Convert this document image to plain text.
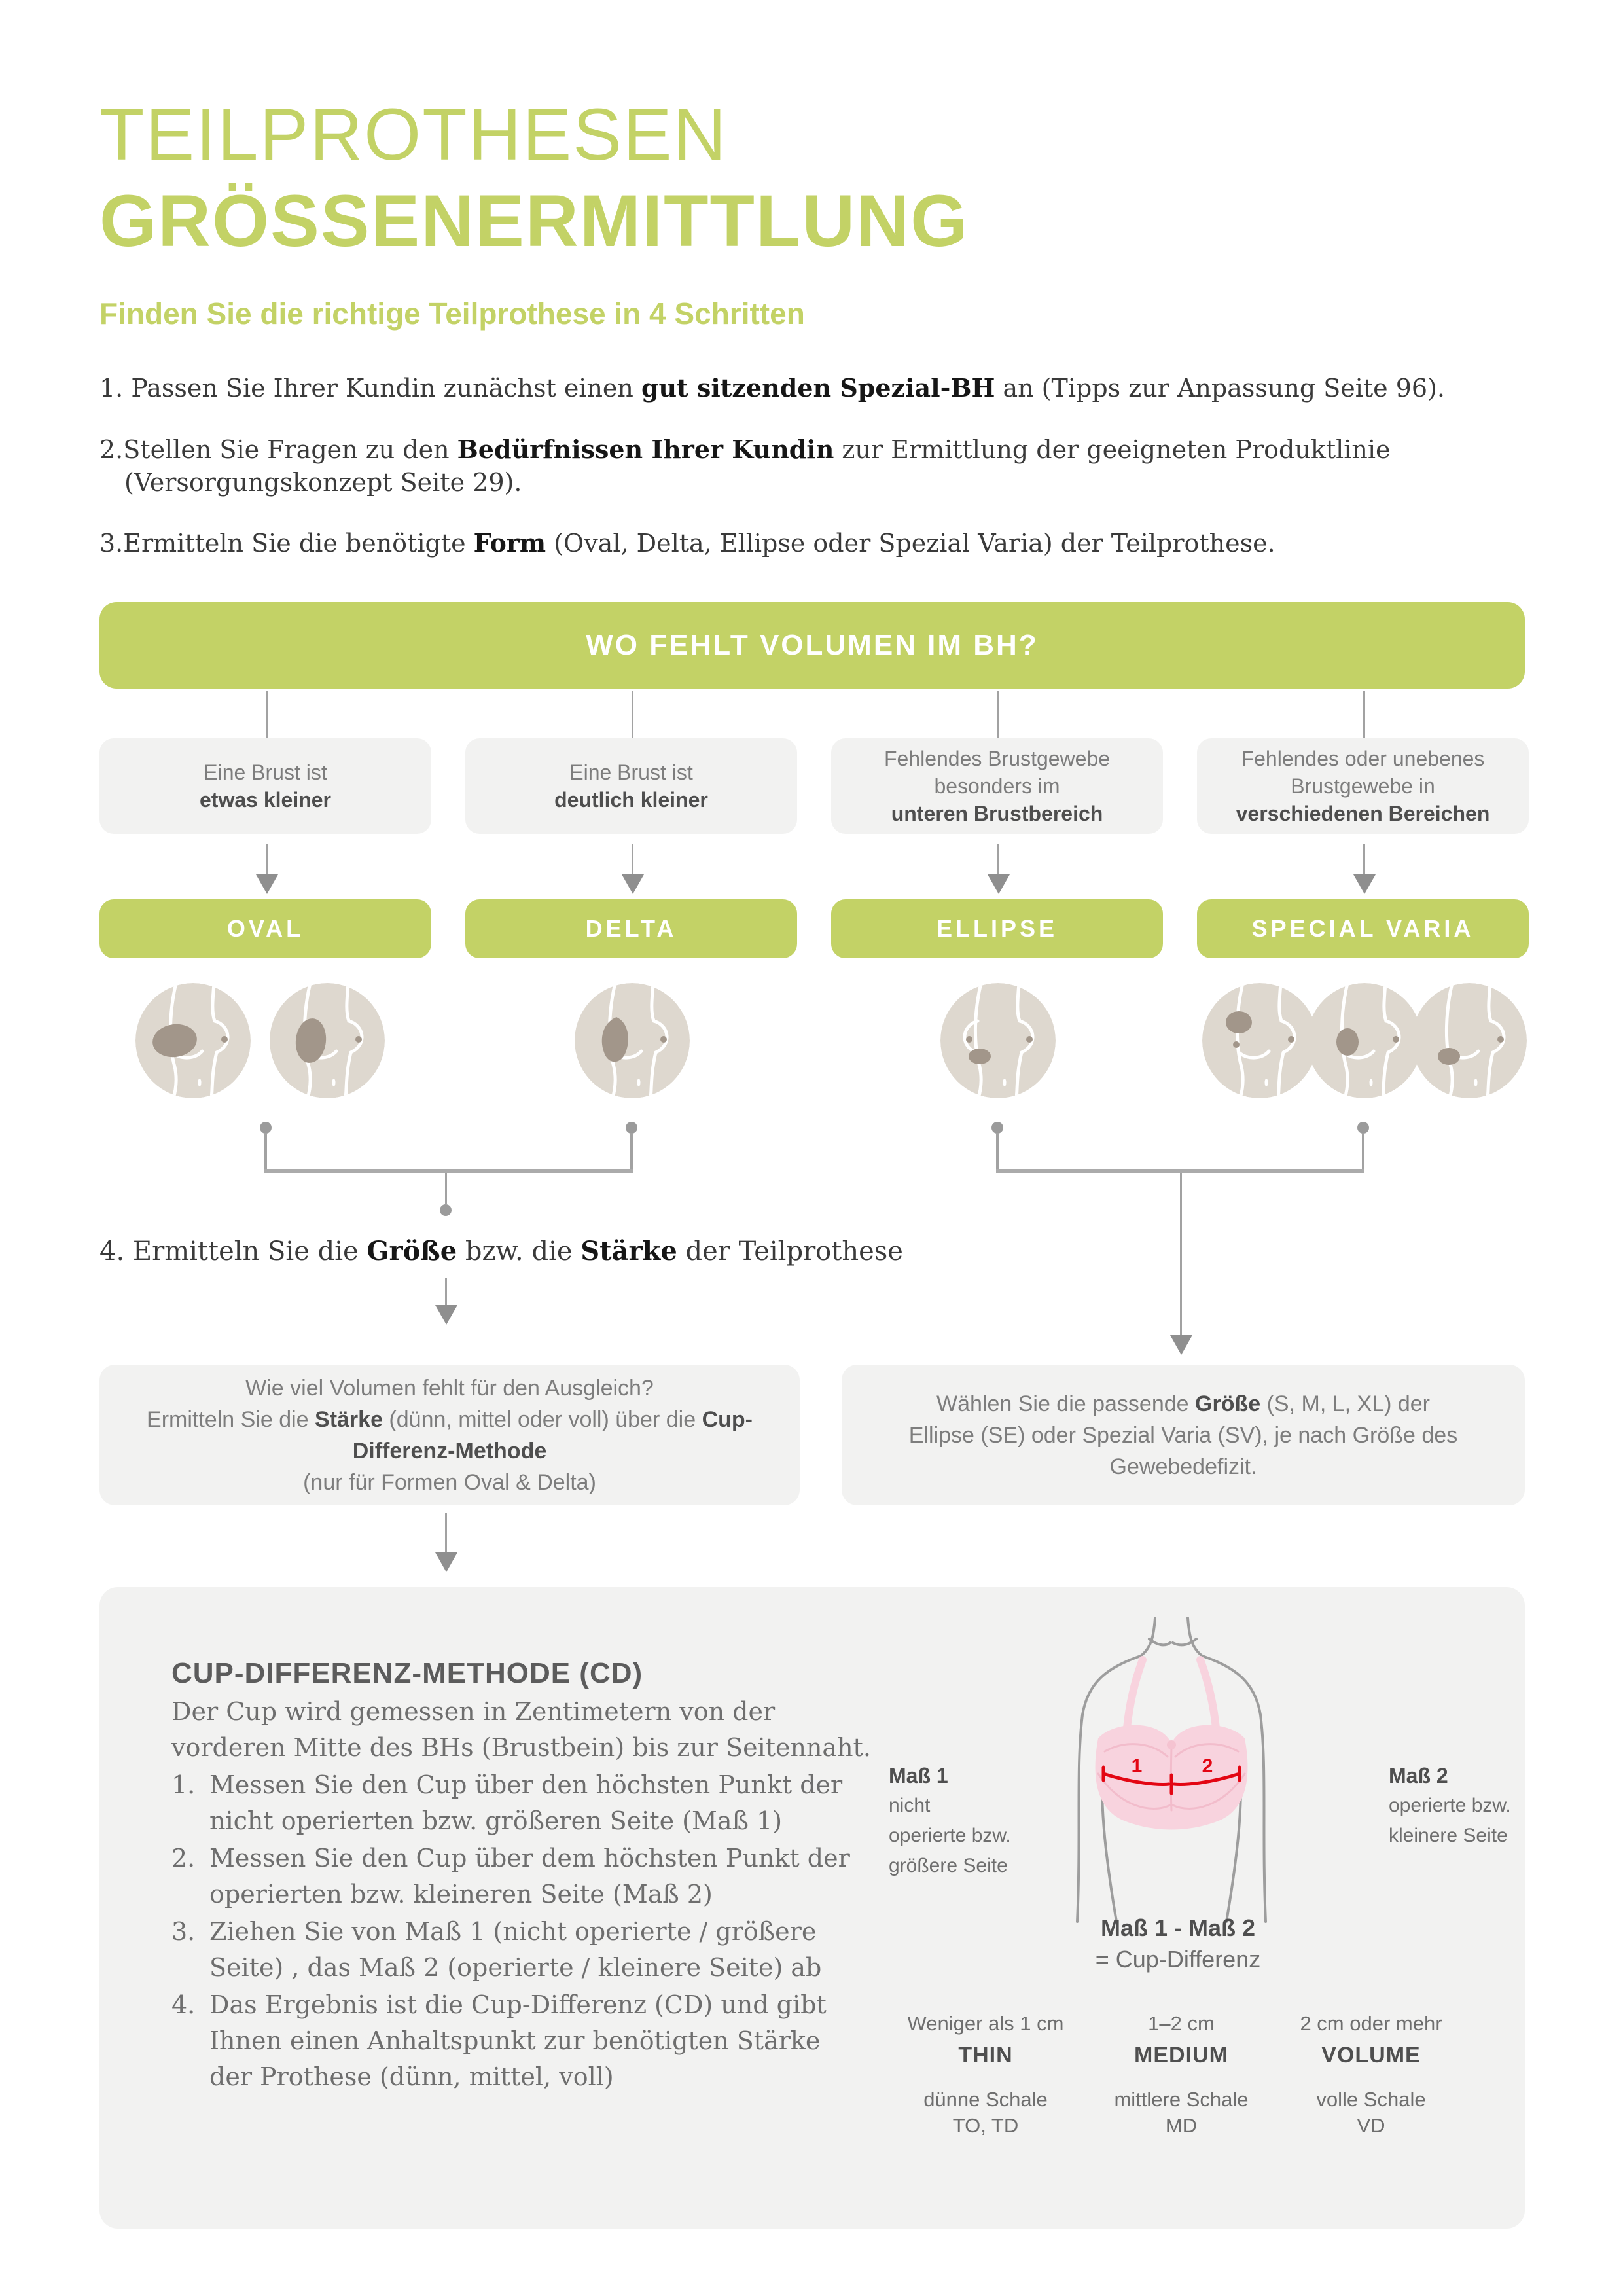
TEILPROTHESEN
GRÖSSENERMITTLUNG
Finden Sie die richtige Teilprothese in 4 Schritten
1. Passen Sie Ihrer Kundin zunächst einen gut sitzenden Spezial-BH an (Tipps zur Anpassung Seite 96).
2.Stellen Sie Fragen zu den Bedürfnissen Ihrer Kundin zur Ermittlung der geeigneten Produktlinie
(Versorgungskonzept Seite 29).
3.Ermitteln Sie die benötigte Form (Oval, Delta, Ellipse oder Spezial Varia) der Teilprothese.
WO FEHLT VOLUMEN IM BH?
Eine Brust ist
etwas kleiner
Eine Brust ist
deutlich kleiner
Fehlendes Brustgewebe
besonders im
unteren Brustbereich
Fehlendes oder unebenes
Brustgewebe in
verschiedenen Bereichen
OVAL	DELTA	ELLIPSE	SPECIAL VARIA
4. Ermitteln Sie die Größe bzw. die Stärke der Teilprothese
Wie viel Volumen fehlt für den Ausgleich?
Ermitteln Sie die Stärke (dünn, mittel oder voll) über die Cup-
Differenz-Methode
(nur für Formen Oval & Delta)
Wählen Sie die passende Größe (S, M, L, XL) der
Ellipse (SE) oder Spezial Varia (SV), je nach Größe des Gewebedefizit.
CUP-DIFFERENZ-METHODE (CD)
Der Cup wird gemessen in Zentimetern von der
vorderen Mitte des BHs (Brustbein) bis zur Seitennaht.
1. Messen Sie den Cup über den höchsten Punkt der nicht operierten bzw. größeren Seite (Maß 1)
2. Messen Sie den Cup über dem höchsten Punkt der operierten bzw. kleineren Seite (Maß 2)
3. Ziehen Sie von Maß 1 (nicht operierte / größere Seite) , das Maß 2 (operierte / kleinere Seite) ab
4. Das Ergebnis ist die Cup-Differenz (CD) und gibt Ihnen einen Anhaltspunkt zur benötigten Stärke der Prothese (dünn, mittel, voll)
1	2
Maß 1
nicht
operierte bzw.
größere Seite
Maß 2
operierte bzw.
kleinere Seite
Maß 1 - Maß 2
= Cup-Differenz
Weniger als 1 cm
THIN
dünne Schale
TO, TD
1–2 cm
MEDIUM
mittlere Schale
MD
2 cm oder mehr
VOLUME
volle Schale
VD
